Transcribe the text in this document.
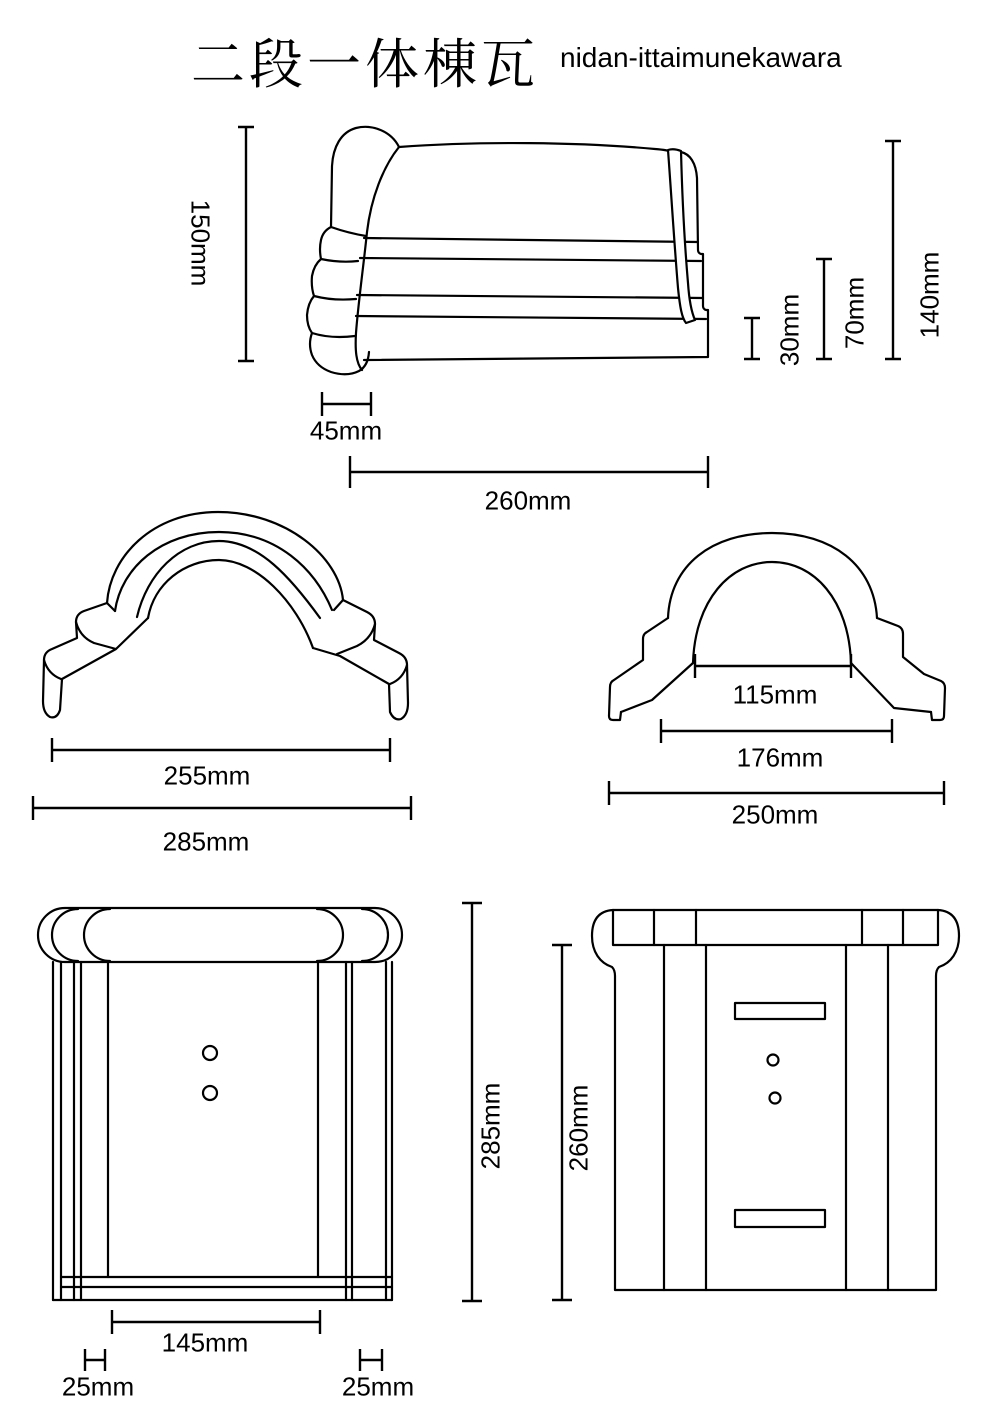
二段一体棟瓦 nidan-ittaimunekawara
150mm
45mm
260mm
30mm 70mm 140mm
255mm
285mm
115mm
176mm
250mm
285mm
145mm
25mm	25mm
260mm
